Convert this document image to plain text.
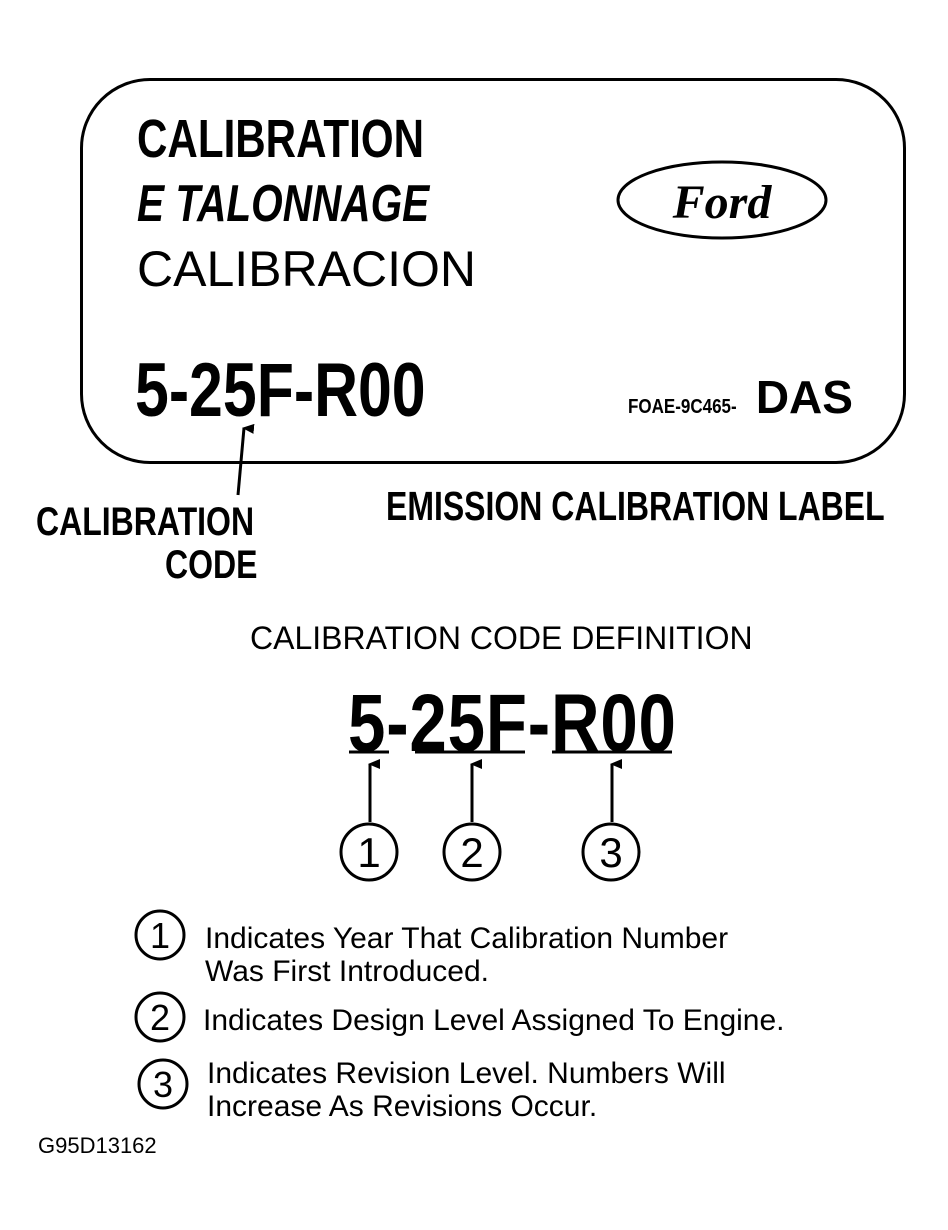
CALIBRATION
E TALONNAGE
CALIBRACION
5-25F-R00	FOAE-9C465- DAS
Ford
CALIBRATION
CODE
EMISSION CALIBRATION LABEL
CALIBRATION CODE DEFINITION
5-25F-R00
1 2	3
1
2
3
Indicates Year That Calibration Number
Was First Introduced.
Indicates Design Level Assigned To Engine.
Indicates Revision Level. Numbers Will
Increase As Revisions Occur.
G95D13162
